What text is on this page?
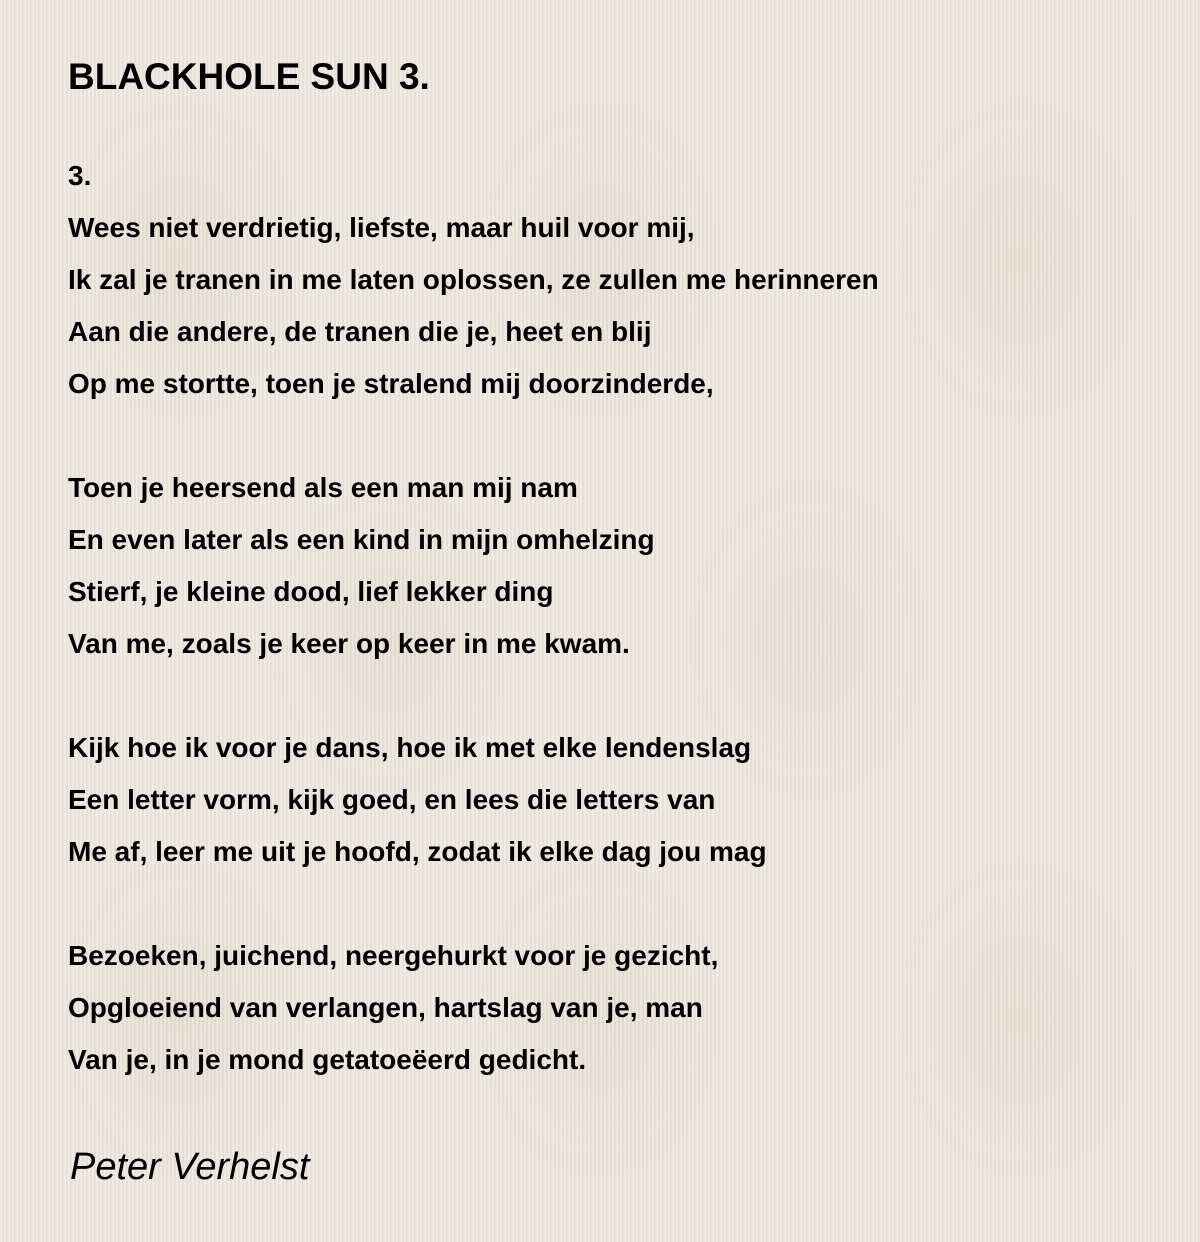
BLACKHOLE SUN 3.
3.
Wees niet verdrietig, liefste, maar huil voor mij,
Ik zal je tranen in me laten oplossen, ze zullen me herinneren
Aan die andere, de tranen die je, heet en blij
Op me stortte, toen je stralend mij doorzinderde,
Toen je heersend als een man mij nam
En even later als een kind in mijn omhelzing
Stierf, je kleine dood, lief lekker ding
Van me, zoals je keer op keer in me kwam.
Kijk hoe ik voor je dans, hoe ik met elke lendenslag
Een letter vorm, kijk goed, en lees die letters van
Me af, leer me uit je hoofd, zodat ik elke dag jou mag
Bezoeken, juichend, neergehurkt voor je gezicht,
Opgloeiend van verlangen, hartslag van je, man
Van je, in je mond getatoeëerd gedicht.
Peter Verhelst
